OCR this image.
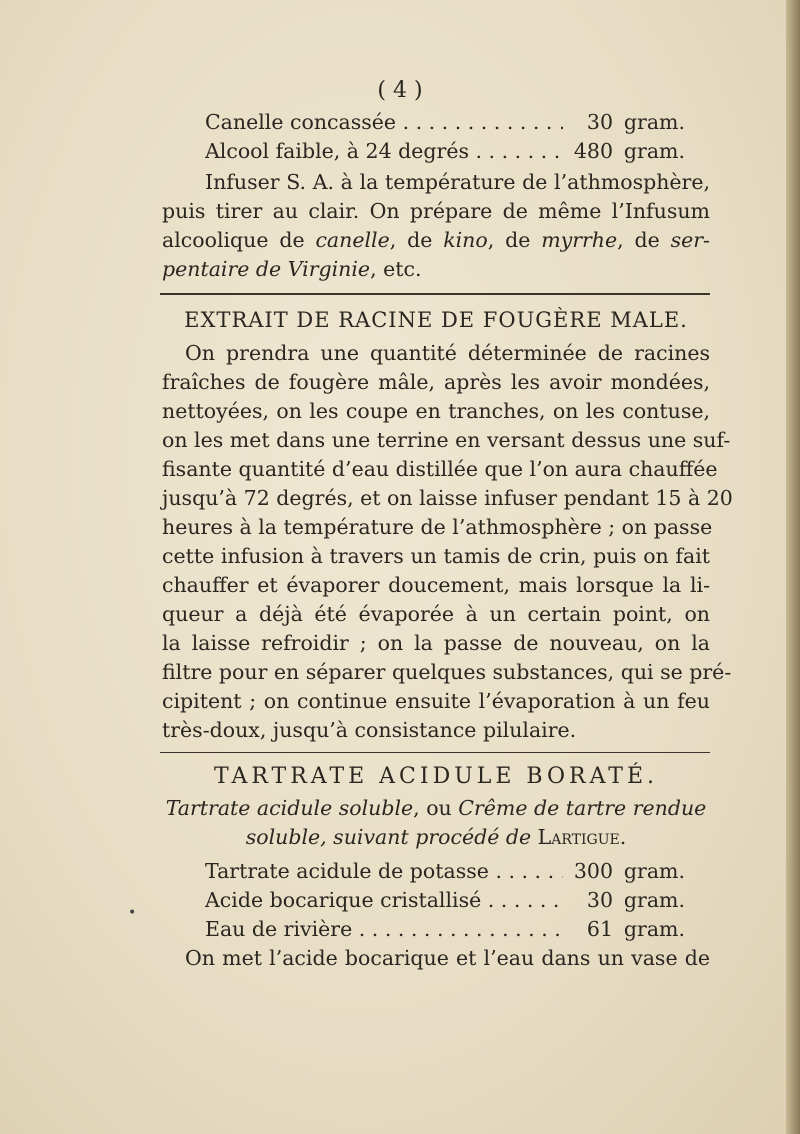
( 4 )
Canelle concassée . . .	30 gram.
Alcool faible, à 24 degrés . . .	480 gram.
Infuser S. A. à la température de l’athmosphère,
puis tirer au clair. On prépare de même l’Infusum
alcoolique de canelle, de kino, de myrrhe, de ser-
pentaire de Virginie, etc.
EXTRAIT DE RACINE DE FOUGÈRE MALE.
On prendra une quantité déterminée de racines
fraîches de fougère mâle, après les avoir mondées,
nettoyées, on les coupe en tranches, on les contuse,
on les met dans une terrine en versant dessus une suf-
fisante quantité d’eau distillée que l’on aura chauffée
jusqu’à 72 degrés, et on laisse infuser pendant 15 à 20
heures à la température de l’athmosphère ; on passe
cette infusion à travers un tamis de crin, puis on fait
chauffer et évaporer doucement, mais lorsque la li-
queur a déjà été évaporée à un certain point, on
la laisse refroidir ; on la passe de nouveau, on la
filtre pour en séparer quelques substances, qui se pré-
cipitent ; on continue ensuite l’évaporation à un feu
très-doux, jusqu’à consistance pilulaire.
TARTRATE ACIDULE BORATÉ.
Tartrate acidule soluble, ou Crême de tartre rendue
soluble, suivant procédé de Lartigue.
Tartrate acidule de potasse . . .	300 gram.
Acide bocarique cristallisé . . .	30 gram.
Eau de rivière . . .	61 gram.
On met l’acide bocarique et l’eau dans un vase de
•
